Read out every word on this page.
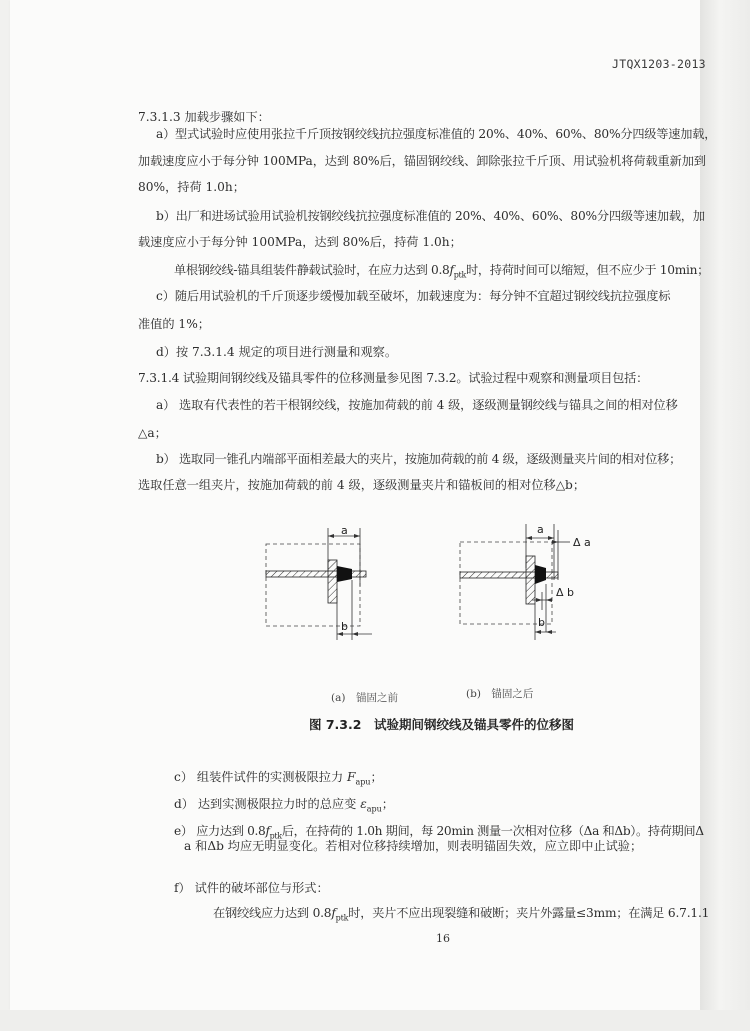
JTQX1203-2013
7.3.1.3 加载步骤如下：
a）型式试验时应使用张拉千斤顶按钢绞线抗拉强度标准值的 20%、40%、60%、80%分四级等速加载，
加载速度应小于每分钟 100MPa，达到 80%后，锚固钢绞线、卸除张拉千斤顶、用试验机将荷载重新加到
80%，持荷 1.0h；
b）出厂和进场试验用试验机按钢绞线抗拉强度标准值的 20%、40%、60%、80%分四级等速加载，加
载速度应小于每分钟 100MPa，达到 80%后，持荷 1.0h；
单根钢绞线-锚具组装件静载试验时，在应力达到 $0.8f_{ptk}$时，持荷时间可以缩短，但不应少于 10min；
c）随后用试验机的千斤顶逐步缓慢加载至破坏，加载速度为：每分钟不宜超过钢绞线抗拉强度标
准值的 1%；
d）按 7.3.1.4 规定的项目进行测量和观察。
7.3.1.4 试验期间钢绞线及锚具零件的位移测量参见图 7.3.2。试验过程中观察和测量项目包括：
a） 选取有代表性的若干根钢绞线，按施加荷载的前 4 级，逐级测量钢绞线与锚具之间的相对位移
△a；
b） 选取同一锥孔内端部平面相差最大的夹片，按施加荷载的前 4 级，逐级测量夹片间的相对位移；
选取任意一组夹片，按施加荷载的前 4 级，逐级测量夹片和锚板间的相对位移△b；
a
b
a
Δ a
Δ b
b
(a)　锚固之前	(b)　锚固之后
图 7.3.2　试验期间钢绞线及锚具零件的位移图
c） 组装件试件的实测极限拉力 $F_{apu}$；
d） 达到实测极限拉力时的总应变 $\varepsilon_{apu}$；
e） 应力达到 $0.8f_{ptk}$后，在持荷的 1.0h 期间，每 20min 测量一次相对位移（Δa 和Δb）。持荷期间Δ
a 和Δb 均应无明显变化。若相对位移持续增加，则表明锚固失效，应立即中止试验；
f） 试件的破坏部位与形式：
在钢绞线应力达到 $0.8f_{ptk}$时，夹片不应出现裂缝和破断；夹片外露量≤3mm；在满足 6.7.1.1
16
